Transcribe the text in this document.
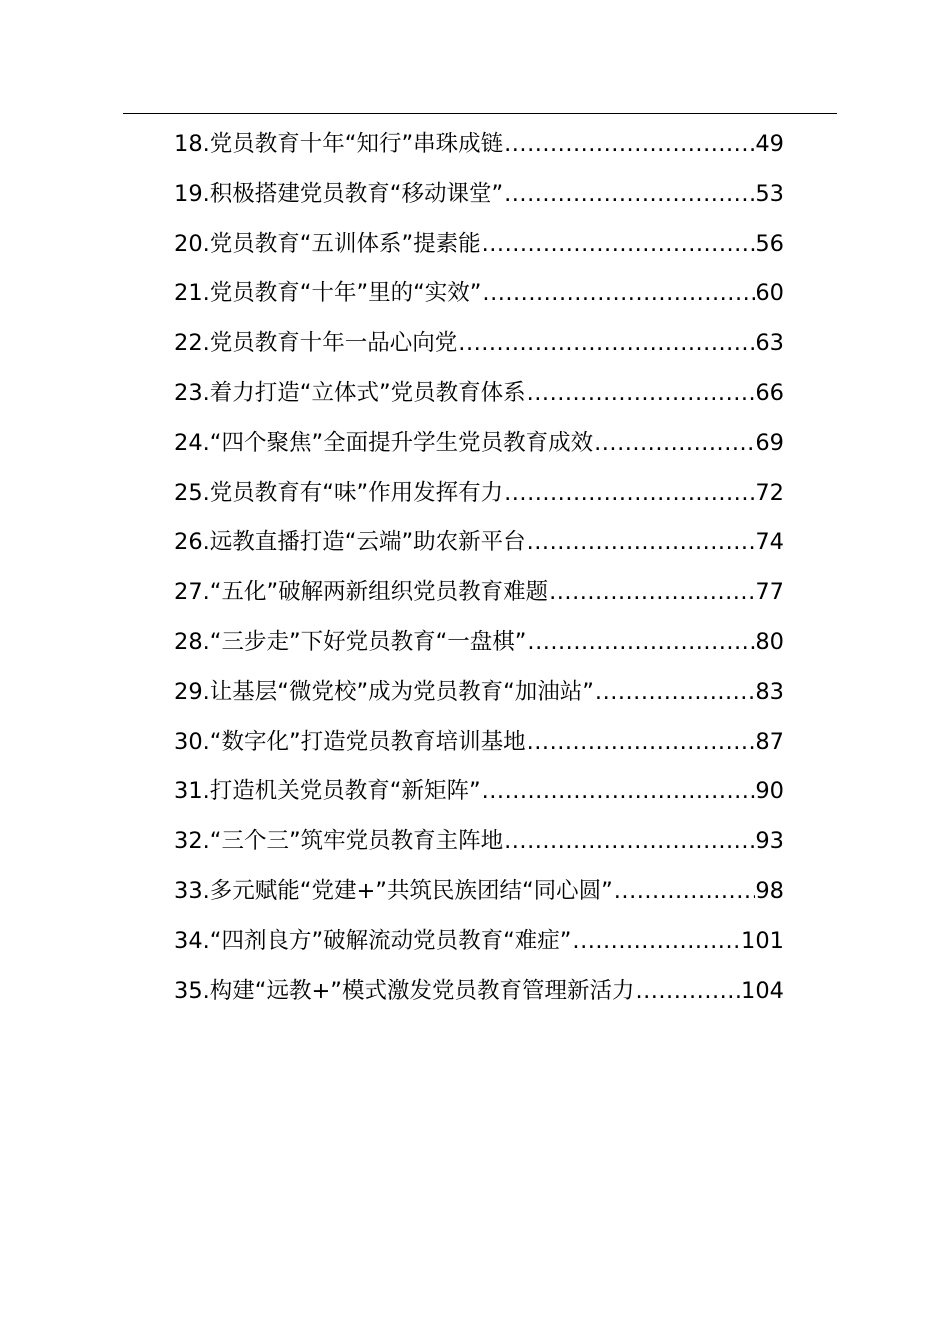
18.党员教育十年“知行”串珠成链 .....	49
19.积极搭建党员教育“移动课堂” .....	53
20.党员教育“五训体系”提素能 .....	56
21.党员教育“十年”里的“实效” .....	60
22.党员教育十年一品心向党 .....	63
23.着力打造“立体式”党员教育体系 .....	66
24.“四个聚焦”全面提升学生党员教育成效 .....	69
25.党员教育有“味”作用发挥有力 .....	72
26.远教直播打造“云端”助农新平台 .....	74
27.“五化”破解两新组织党员教育难题 .....	77
28.“三步走”下好党员教育“一盘棋” .....	80
29.让基层“微党校”成为党员教育“加油站” .....	83
30.“数字化”打造党员教育培训基地 .....	87
31.打造机关党员教育“新矩阵” .....	90
32.“三个三”筑牢党员教育主阵地 .....	93
33.多元赋能“党建+”共筑民族团结“同心圆” .....	98
34.“四剂良方”破解流动党员教育“难症” .....	101
35.构建“远教+”模式激发党员教育管理新活力 .....	104
